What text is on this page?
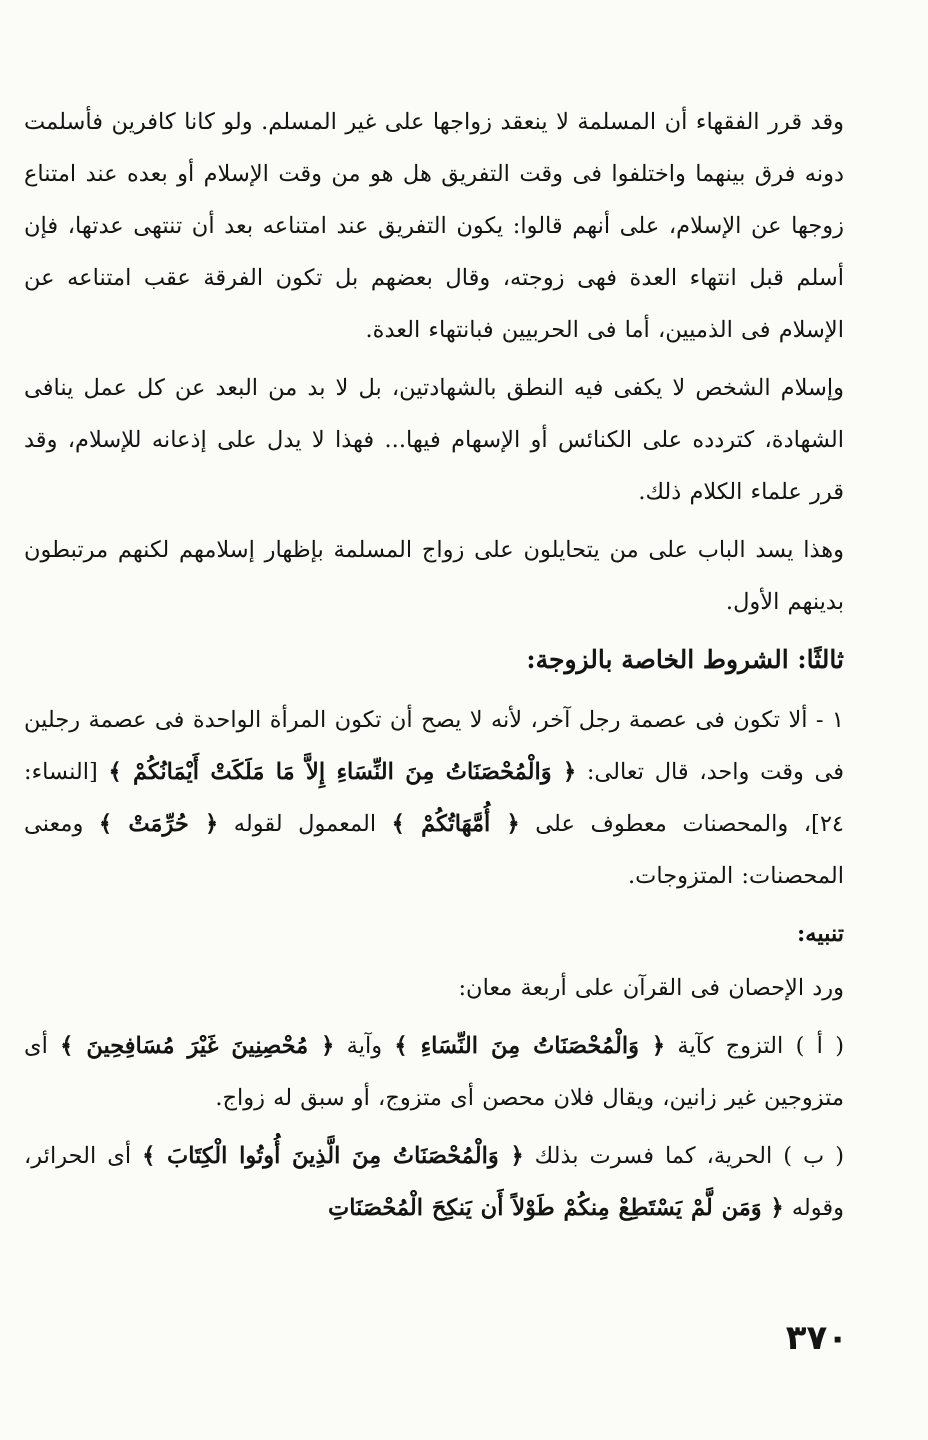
وقد قرر الفقهاء أن المسلمة لا ينعقد زواجها على غير المسلم. ولو كانا كافرين فأسلمت دونه فرق بينهما واختلفوا فى وقت التفريق هل هو من وقت الإسلام أو بعده عند امتناع زوجها عن الإسلام، على أنهم قالوا: يكون التفريق عند امتناعه بعد أن تنتهى عدتها، فإن أسلم قبل انتهاء العدة فهى زوجته، وقال بعضهم بل تكون الفرقة عقب امتناعه عن الإسلام فى الذميين، أما فى الحربيين فبانتهاء العدة.

وإسلام الشخص لا يكفى فيه النطق بالشهادتين، بل لا بد من البعد عن كل عمل ينافى الشهادة، كتردده على الكنائس أو الإسهام فيها... فهذا لا يدل على إذعانه للإسلام، وقد قرر علماء الكلام ذلك.

وهذا يسد الباب على من يتحايلون على زواج المسلمة بإظهار إسلامهم لكنهم مرتبطون بدينهم الأول.

ثالثًا: الشروط الخاصة بالزوجة:

١ - ألا تكون فى عصمة رجل آخر، لأنه لا يصح أن تكون المرأة الواحدة فى عصمة رجلين فى وقت واحد، قال تعالى: ﴿ وَالْمُحْصَنَاتُ مِنَ النِّسَاءِ إِلاَّ مَا مَلَكَتْ أَيْمَانُكُمْ ﴾ [النساء: ٢٤]، والمحصنات معطوف على ﴿ أُمَّهَاتُكُمْ ﴾ المعمول لقوله ﴿ حُرِّمَتْ ﴾ ومعنى المحصنات: المتزوجات.

تنبيه:

ورد الإحصان فى القرآن على أربعة معان:

( أ ) التزوج كآية ﴿ وَالْمُحْصَنَاتُ مِنَ النِّسَاءِ ﴾ وآية ﴿ مُحْصِنِينَ غَيْرَ مُسَافِحِينَ ﴾ أى متزوجين غير زانين، ويقال فلان محصن أى متزوج، أو سبق له زواج.

( ب ) الحرية، كما فسرت بذلك ﴿ وَالْمُحْصَنَاتُ مِنَ الَّذِينَ أُوتُوا الْكِتَابَ ﴾ أى الحرائر، وقوله ﴿ وَمَن لَّمْ يَسْتَطِعْ مِنكُمْ طَوْلاً أَن يَنكِحَ الْمُحْصَنَاتِ

٣٧٠
